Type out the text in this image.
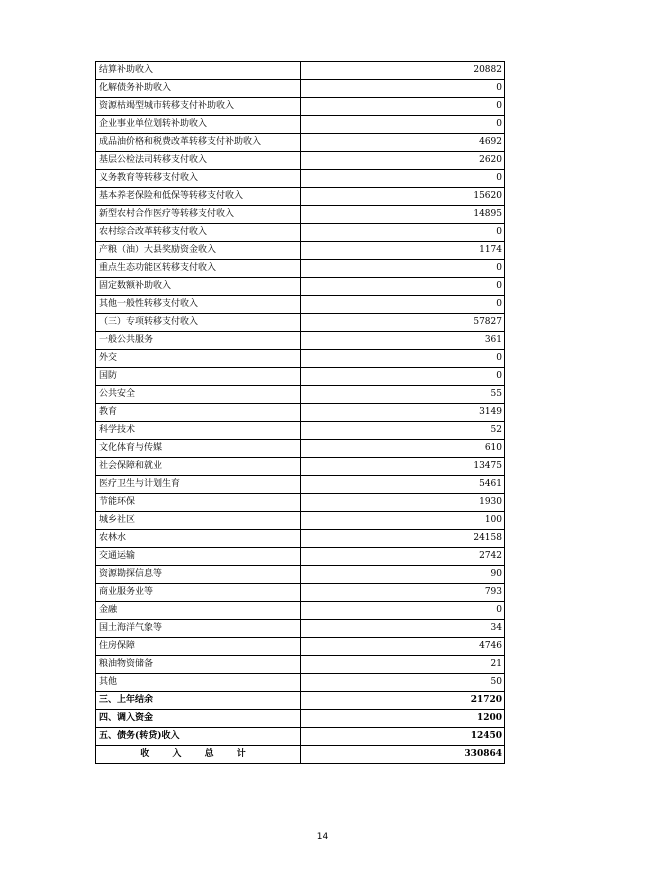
结算补助收入	20882
化解债务补助收入	0
资源枯竭型城市转移支付补助收入	0
企业事业单位划转补助收入	0
成品油价格和税费改革转移支付补助收入	4692
基层公检法司转移支付收入	2620
义务教育等转移支付收入	0
基本养老保险和低保等转移支付收入	15620
新型农村合作医疗等转移支付收入	14895
农村综合改革转移支付收入	0
产粮（油）大县奖励资金收入	1174
重点生态功能区转移支付收入	0
固定数额补助收入	0
其他一般性转移支付收入	0
（三）专项转移支付收入	57827
一般公共服务	361
外交	0
国防	0
公共安全	55
教育	3149
科学技术	52
文化体育与传媒	610
社会保障和就业	13475
医疗卫生与计划生育	5461
节能环保	1930
城乡社区	100
农林水	24158
交通运输	2742
资源勘探信息等	90
商业服务业等	793
金融	0
国土海洋气象等	34
住房保障	4746
粮油物资储备	21
其他	50
三、上年结余	21720
四、调入资金	1200
五、债务(转贷)收入	12450
收 入 总 计	330864
14
